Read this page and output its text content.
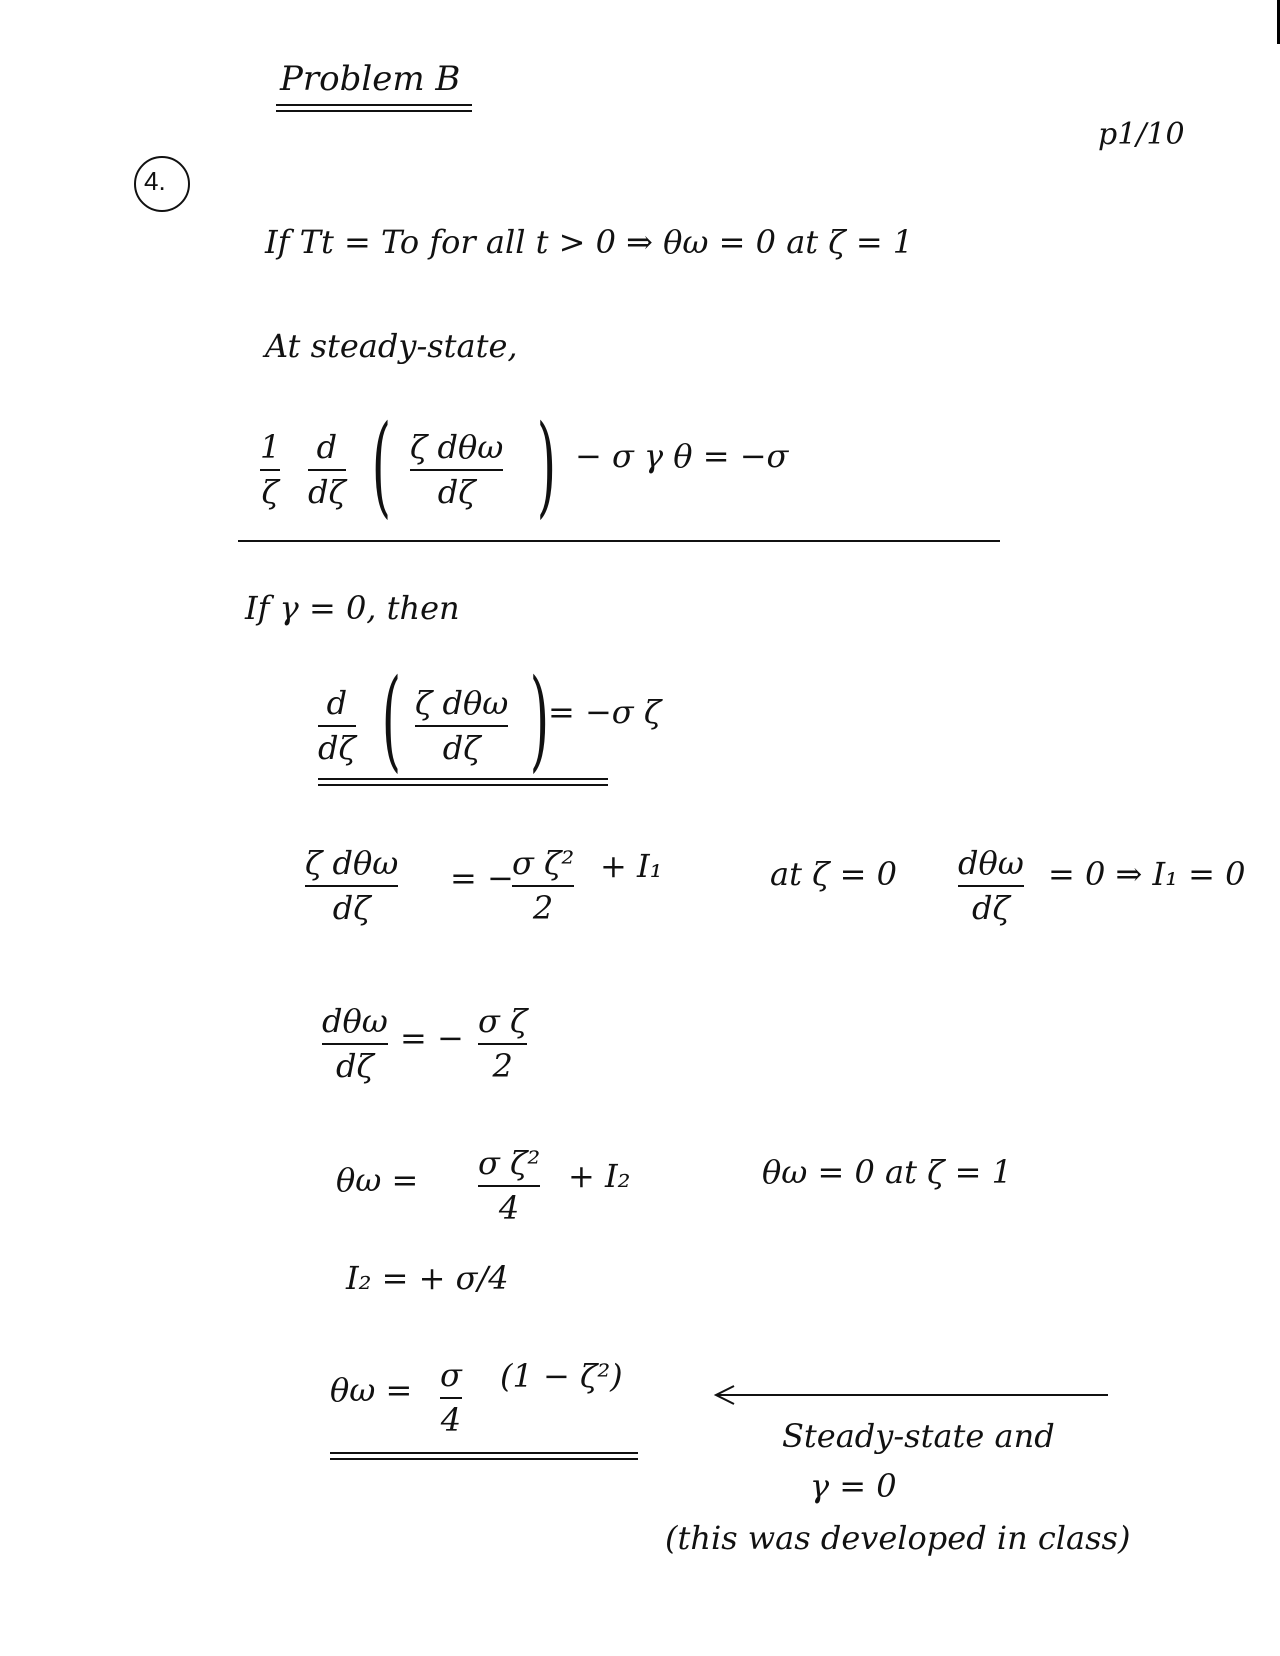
Problem B
p1/10
4.
If Tt = To for all t > 0 ⇒ θω = 0 at ζ = 1
At steady-state,
1
ζ
d
dζ ( ζ dθω
dζ ) − σ γ θ = −σ
If γ = 0, then
d
dζ ( ζ dθω
dζ )
= −σ ζ
ζ dθω
dζ
= −
σ ζ²
2
+ I₁	at ζ = 0 dθω
dζ
= 0 ⇒ I₁ = 0
dθω
dζ
= − σ ζ
2
θω = σ ζ²
4
+ I₂	θω = 0 at ζ = 1
I₂ = + σ/4
θω = σ
4
(1 − ζ²)
Steady-state and
γ = 0
(this was developed in class)
